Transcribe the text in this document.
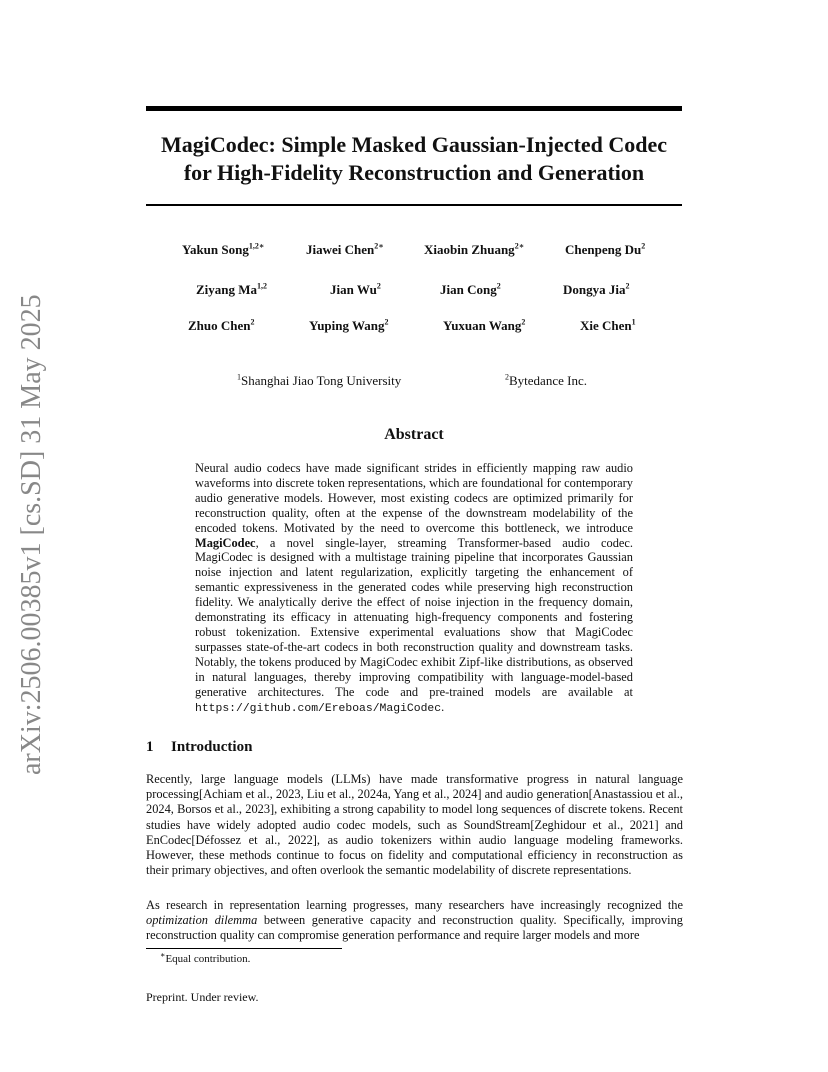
arXiv:2506.00385v1 [cs.SD] 31 May 2025
MagiCodec: Simple Masked Gaussian-Injected Codec
for High-Fidelity Reconstruction and Generation
Yakun Song$^{1,2∗}$	Jiawei Chen$^{2∗}$	Xiaobin Zhuang$^{2∗}$	Chenpeng Du$^2$
Ziyang Ma$^{1,2}$	Jian Wu$^2$	Jian Cong$^2$	Dongya Jia$^2$
Zhuo Chen$^2$	Yuping Wang$^2$	Yuxuan Wang$^2$	Xie Chen$^1$
$^1$Shanghai Jiao Tong University	$^2$Bytedance Inc.
Abstract
Neural audio codecs have made significant strides in efficiently mapping raw audio waveforms into discrete token representations, which are foundational for contemporary audio generative models. However, most existing codecs are optimized primarily for reconstruction quality, often at the expense of the downstream modelability of the encoded tokens. Motivated by the need to overcome this bottleneck, we introduce MagiCodec, a novel single-layer, streaming Transformer-based audio codec. MagiCodec is designed with a multistage training pipeline that incorporates Gaussian noise injection and latent regularization, explicitly targeting the enhancement of semantic expressiveness in the generated codes while preserving high reconstruction fidelity. We analytically derive the effect of noise injection in the frequency domain, demonstrating its efficacy in attenuating high-frequency components and fostering robust tokenization. Extensive experimental evaluations show that MagiCodec surpasses state-of-the-art codecs in both reconstruction quality and downstream tasks. Notably, the tokens produced by MagiCodec exhibit Zipf-like distributions, as observed in natural languages, thereby improving compatibility with language-model-based generative architectures. The code and pre-trained models are available at https://github.com/Ereboas/MagiCodec.
1 Introduction
Recently, large language models (LLMs) have made transformative progress in natural language processing[Achiam et al., 2023, Liu et al., 2024a, Yang et al., 2024] and audio generation[Anastassiou et al., 2024, Borsos et al., 2023], exhibiting a strong capability to model long sequences of discrete tokens. Recent studies have widely adopted audio codec models, such as SoundStream[Zeghidour et al., 2021] and EnCodec[Défossez et al., 2022], as audio tokenizers within audio language modeling frameworks. However, these methods continue to focus on fidelity and computational efficiency in reconstruction as their primary objectives, and often overlook the semantic modelability of discrete representations.
As research in representation learning progresses, many researchers have increasingly recognized the optimization dilemma between generative capacity and reconstruction quality. Specifically, improving reconstruction quality can compromise generation performance and require larger models and more
∗Equal contribution.
Preprint. Under review.
